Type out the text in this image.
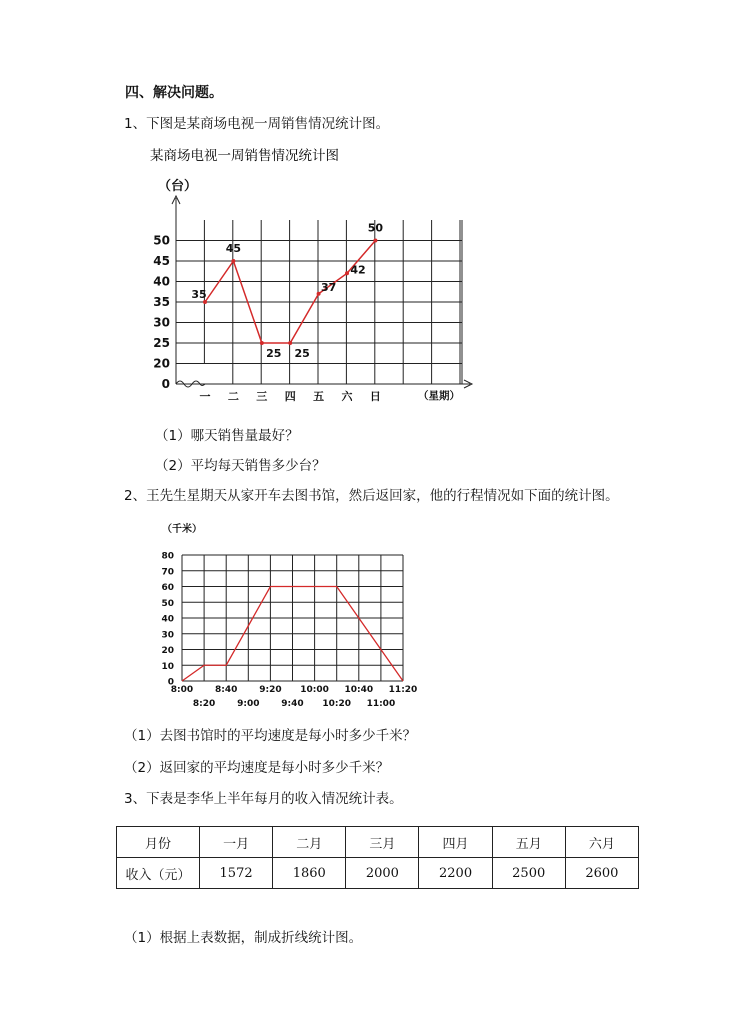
四、解决问题。
1、下图是某商场电视一周销售情况统计图。
某商场电视一周销售情况统计图
0
20
25
30
35
40
45
50
一 二 三 四 五 六 日
35
45
25 25
37
42
50
（台）
（星期）
（1）哪天销售量最好？
（2）平均每天销售多少台？
2、王先生星期天从家开车去图书馆，然后返回家，他的行程情况如下面的统计图。
0
10
20
30
40
50
60
70
80
8:00
8:20
8:40
9:00
9:20
9:40
10:00
10:20
10:40
11:00
11:20
（千米）
（1）去图书馆时的平均速度是每小时多少千米？
（2）返回家的平均速度是每小时多少千米？
3、下表是李华上半年每月的收入情况统计表。
月份	一月	二月	三月	四月	五月	六月
收入（元）	1572	1860	2000	2200	2500	2600
（1）根据上表数据，制成折线统计图。
